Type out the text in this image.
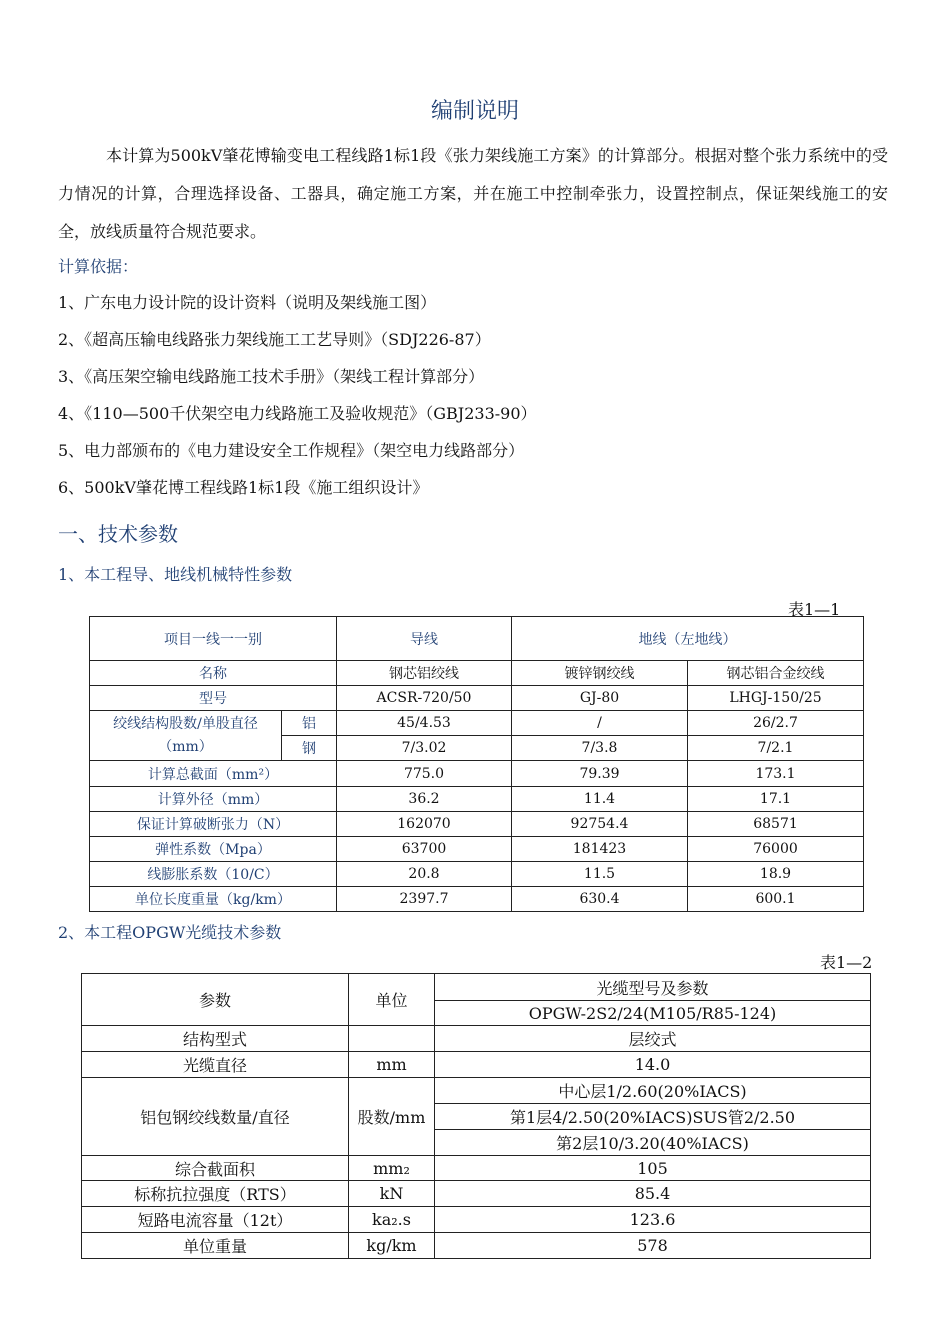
编制说明
本计算为500kV肇花博输变电工程线路1标1段《张力架线施工方案》的计算部分。根据对整个张力系统中的受力情况的计算，合理选择设备、工器具，确定施工方案，并在施工中控制牵张力，设置控制点，保证架线施工的安全，放线质量符合规范要求。
计算依据：
1、广东电力设计院的设计资料（说明及架线施工图）
2、《超高压输电线路张力架线施工工艺导则》（SDJ226-87）
3、《高压架空输电线路施工技术手册》（架线工程计算部分）
4、《110—500千伏架空电力线路施工及验收规范》（GBJ233-90）
5、电力部颁布的《电力建设安全工作规程》（架空电力线路部分）
6、500kV肇花博工程线路1标1段《施工组织设计》
一、技术参数
1、本工程导、地线机械特性参数
表1—1
项目一线一一别		导线	地线（左地线）	
名称		钢芯铝绞线	镀锌钢绞线	钢芯铝合金绞线
型号		ACSR-720/50	GJ-80	LHGJ-150/25

绞线结构股数/单股直径
（mm）	铝	45/4.53	/	26/2.7
	钢	7/3.02	7/3.8	7/2.1
计算总截面（mm²）		775.0	79.39	173.1
计算外径（mm）		36.2	11.4	17.1
保证计算破断张力（N）		162070	92754.4	68571
弹性系数（Mpa）		63700	181423	76000
线膨胀系数（10/C）		20.8	11.5	18.9
单位长度重量（kg/km）		2397.7	630.4	600.1
2、本工程OPGW光缆技术参数
表1—2
参数	单位	光缆型号及参数
		OPGW-2S2/24(M105/R85-124)
结构型式		层绞式
光缆直径	mm	14.0
铝包钢绞线数量/直径	股数/mm	中心层1/2.60(20%IACS)
		第1层4/2.50(20%IACS)SUS管2/2.50
		第2层10/3.20(40%IACS)
综合截面积	mm₂	105
标称抗拉强度（RTS）	kN	85.4
短路电流容量（12t）	ka₂.s	123.6
单位重量	kg/km	578
